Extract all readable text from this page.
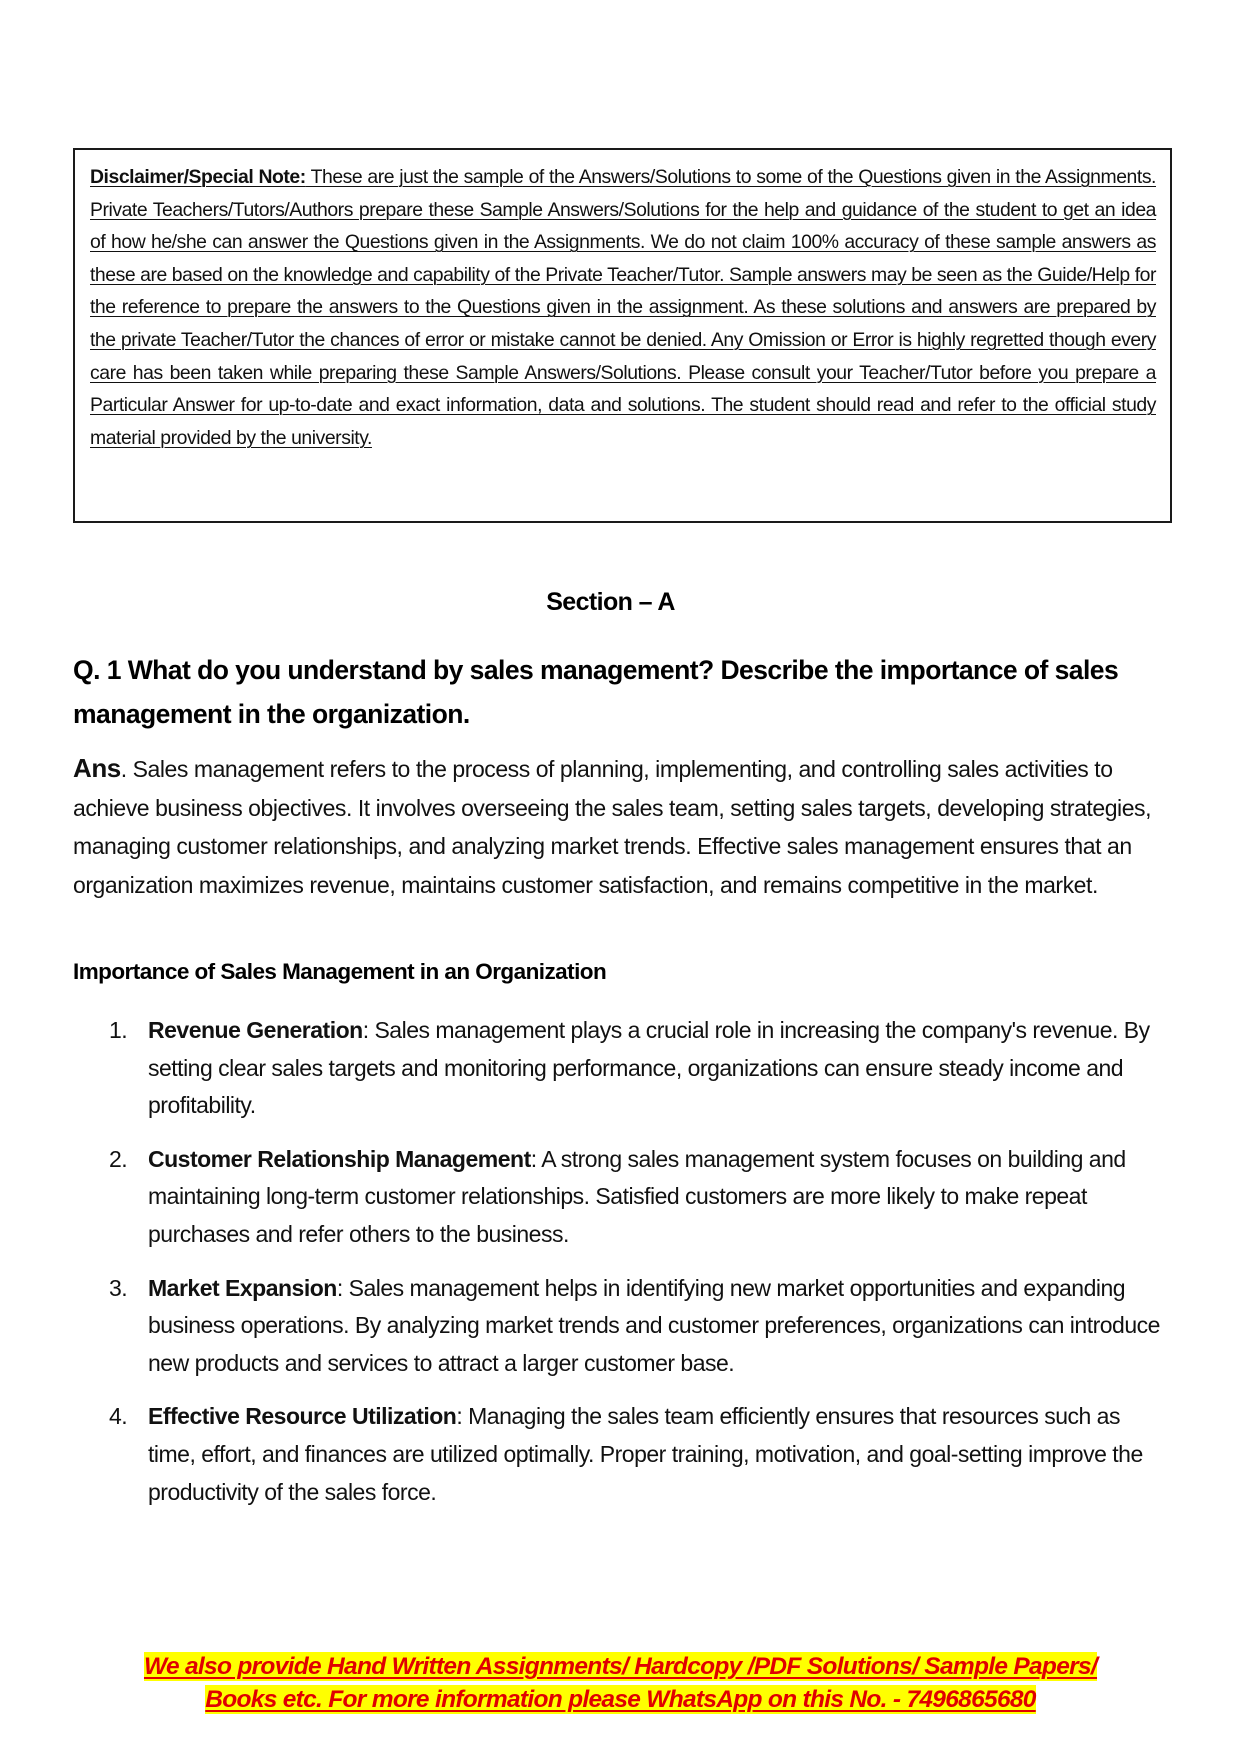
Disclaimer/Special Note: These are just the sample of the Answers/Solutions to some of the Questions given in the Assignments. Private Teachers/Tutors/Authors prepare these Sample Answers/Solutions for the help and guidance of the student to get an idea of how he/she can answer the Questions given in the Assignments. We do not claim 100% accuracy of these sample answers as these are based on the knowledge and capability of the Private Teacher/Tutor. Sample answers may be seen as the Guide/Help for the reference to prepare the answers to the Questions given in the assignment. As these solutions and answers are prepared by the private Teacher/Tutor the chances of error or mistake cannot be denied. Any Omission or Error is highly regretted though every care has been taken while preparing these Sample Answers/Solutions. Please consult your Teacher/Tutor before you prepare a Particular Answer for up-to-date and exact information, data and solutions. The student should read and refer to the official study material provided by the university.

Section – A
Q. 1 What do you understand by sales management? Describe the importance of sales management in the organization.

Ans. Sales management refers to the process of planning, implementing, and controlling sales activities to achieve business objectives. It involves overseeing the sales team, setting sales targets, developing strategies, managing customer relationships, and analyzing market trends. Effective sales management ensures that an organization maximizes revenue, maintains customer satisfaction, and remains competitive in the market.

Importance of Sales Management in an Organization
1. Revenue Generation: Sales management plays a crucial role in increasing the company's revenue. By setting clear sales targets and monitoring performance, organizations can ensure steady income and profitability.
2. Customer Relationship Management: A strong sales management system focuses on building and maintaining long-term customer relationships. Satisfied customers are more likely to make repeat purchases and refer others to the business.
3. Market Expansion: Sales management helps in identifying new market opportunities and expanding business operations. By analyzing market trends and customer preferences, organizations can introduce new products and services to attract a larger customer base.
4. Effective Resource Utilization: Managing the sales team efficiently ensures that resources such as time, effort, and finances are utilized optimally. Proper training, motivation, and goal-setting improve the productivity of the sales force.
We also provide Hand Written Assignments/ Hardcopy /PDF Solutions/ Sample Papers/
Books etc. For more information please WhatsApp on this No. - 7496865680
